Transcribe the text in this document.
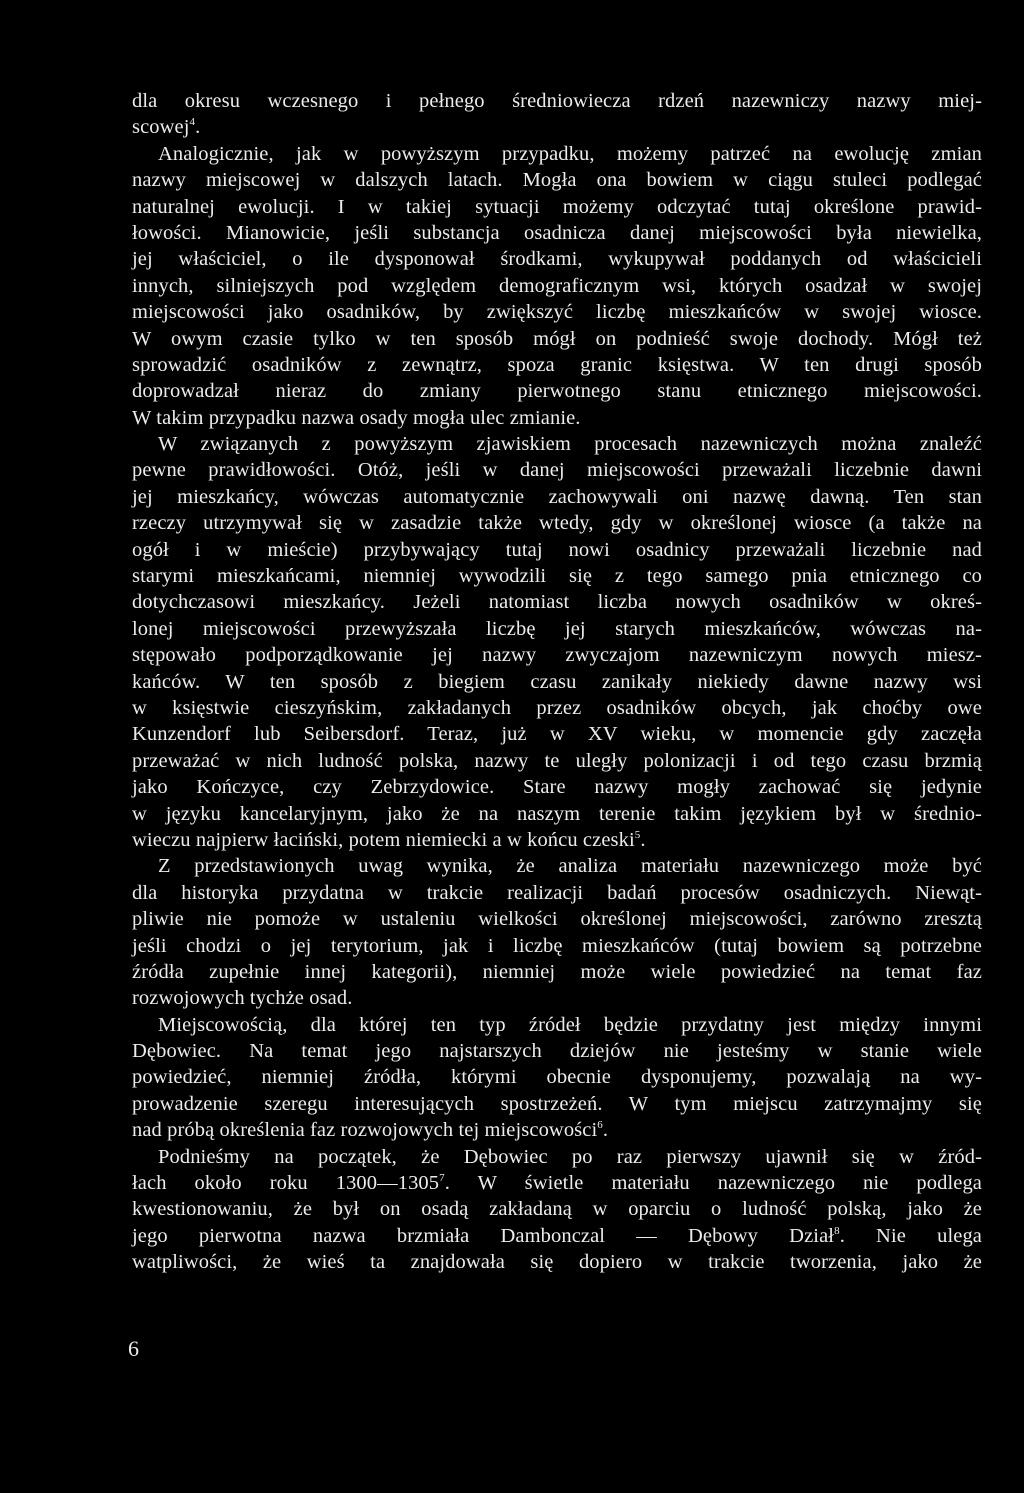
dla okresu wczesnego i pełnego średniowiecza rdzeń nazewniczy nazwy miej-
scowej$^4$.
Analogicznie, jak w powyższym przypadku, możemy patrzeć na ewolucję zmian
nazwy miejscowej w dalszych latach. Mogła ona bowiem w ciągu stuleci podlegać
naturalnej ewolucji. I w takiej sytuacji możemy odczytać tutaj określone prawid-
łowości. Mianowicie, jeśli substancja osadnicza danej miejscowości była niewielka,
jej właściciel, o ile dysponował środkami, wykupywał poddanych od właścicieli
innych, silniejszych pod względem demograficznym wsi, których osadzał w swojej
miejscowości jako osadników, by zwiększyć liczbę mieszkańców w swojej wiosce.
W owym czasie tylko w ten sposób mógł on podnieść swoje dochody. Mógł też
sprowadzić osadników z zewnątrz, spoza granic księstwa. W ten drugi sposób
doprowadzał nieraz do zmiany pierwotnego stanu etnicznego miejscowości.
W takim przypadku nazwa osady mogła ulec zmianie.
W związanych z powyższym zjawiskiem procesach nazewniczych można znaleźć
pewne prawidłowości. Otóż, jeśli w danej miejscowości przeważali liczebnie dawni
jej mieszkańcy, wówczas automatycznie zachowywali oni nazwę dawną. Ten stan
rzeczy utrzymywał się w zasadzie także wtedy, gdy w określonej wiosce (a także na
ogół i w mieście) przybywający tutaj nowi osadnicy przeważali liczebnie nad
starymi mieszkańcami, niemniej wywodzili się z tego samego pnia etnicznego co
dotychczasowi mieszkańcy. Jeżeli natomiast liczba nowych osadników w okreś-
lonej miejscowości przewyższała liczbę jej starych mieszkańców, wówczas na-
stępowało podporządkowanie jej nazwy zwyczajom nazewniczym nowych miesz-
kańców. W ten sposób z biegiem czasu zanikały niekiedy dawne nazwy wsi
w księstwie cieszyńskim, zakładanych przez osadników obcych, jak choćby owe
Kunzendorf lub Seibersdorf. Teraz, już w XV wieku, w momencie gdy zaczęła
przeważać w nich ludność polska, nazwy te uległy polonizacji i od tego czasu brzmią
jako Kończyce, czy Zebrzydowice. Stare nazwy mogły zachować się jedynie
w języku kancelaryjnym, jako że na naszym terenie takim językiem był w średnio-
wieczu najpierw łaciński, potem niemiecki a w końcu czeski$^5$.
Z przedstawionych uwag wynika, że analiza materiału nazewniczego może być
dla historyka przydatna w trakcie realizacji badań procesów osadniczych. Niewąt-
pliwie nie pomoże w ustaleniu wielkości określonej miejscowości, zarówno zresztą
jeśli chodzi o jej terytorium, jak i liczbę mieszkańców (tutaj bowiem są potrzebne
źródła zupełnie innej kategorii), niemniej może wiele powiedzieć na temat faz
rozwojowych tychże osad.
Miejscowością, dla której ten typ źródeł będzie przydatny jest między innymi
Dębowiec. Na temat jego najstarszych dziejów nie jesteśmy w stanie wiele
powiedzieć, niemniej źródła, którymi obecnie dysponujemy, pozwalają na wy-
prowadzenie szeregu interesujących spostrzeżeń. W tym miejscu zatrzymajmy się
nad próbą określenia faz rozwojowych tej miejscowości$^6$.
Podnieśmy na początek, że Dębowiec po raz pierwszy ujawnił się w źród-
łach około roku 1300—1305$^7$. W świetle materiału nazewniczego nie podlega
kwestionowaniu, że był on osadą zakładaną w oparciu o ludność polską, jako że
jego pierwotna nazwa brzmiała Dambonczal — Dębowy Dział$^8$. Nie ulega
watpliwości, że wieś ta znajdowała się dopiero w trakcie tworzenia, jako że
6
